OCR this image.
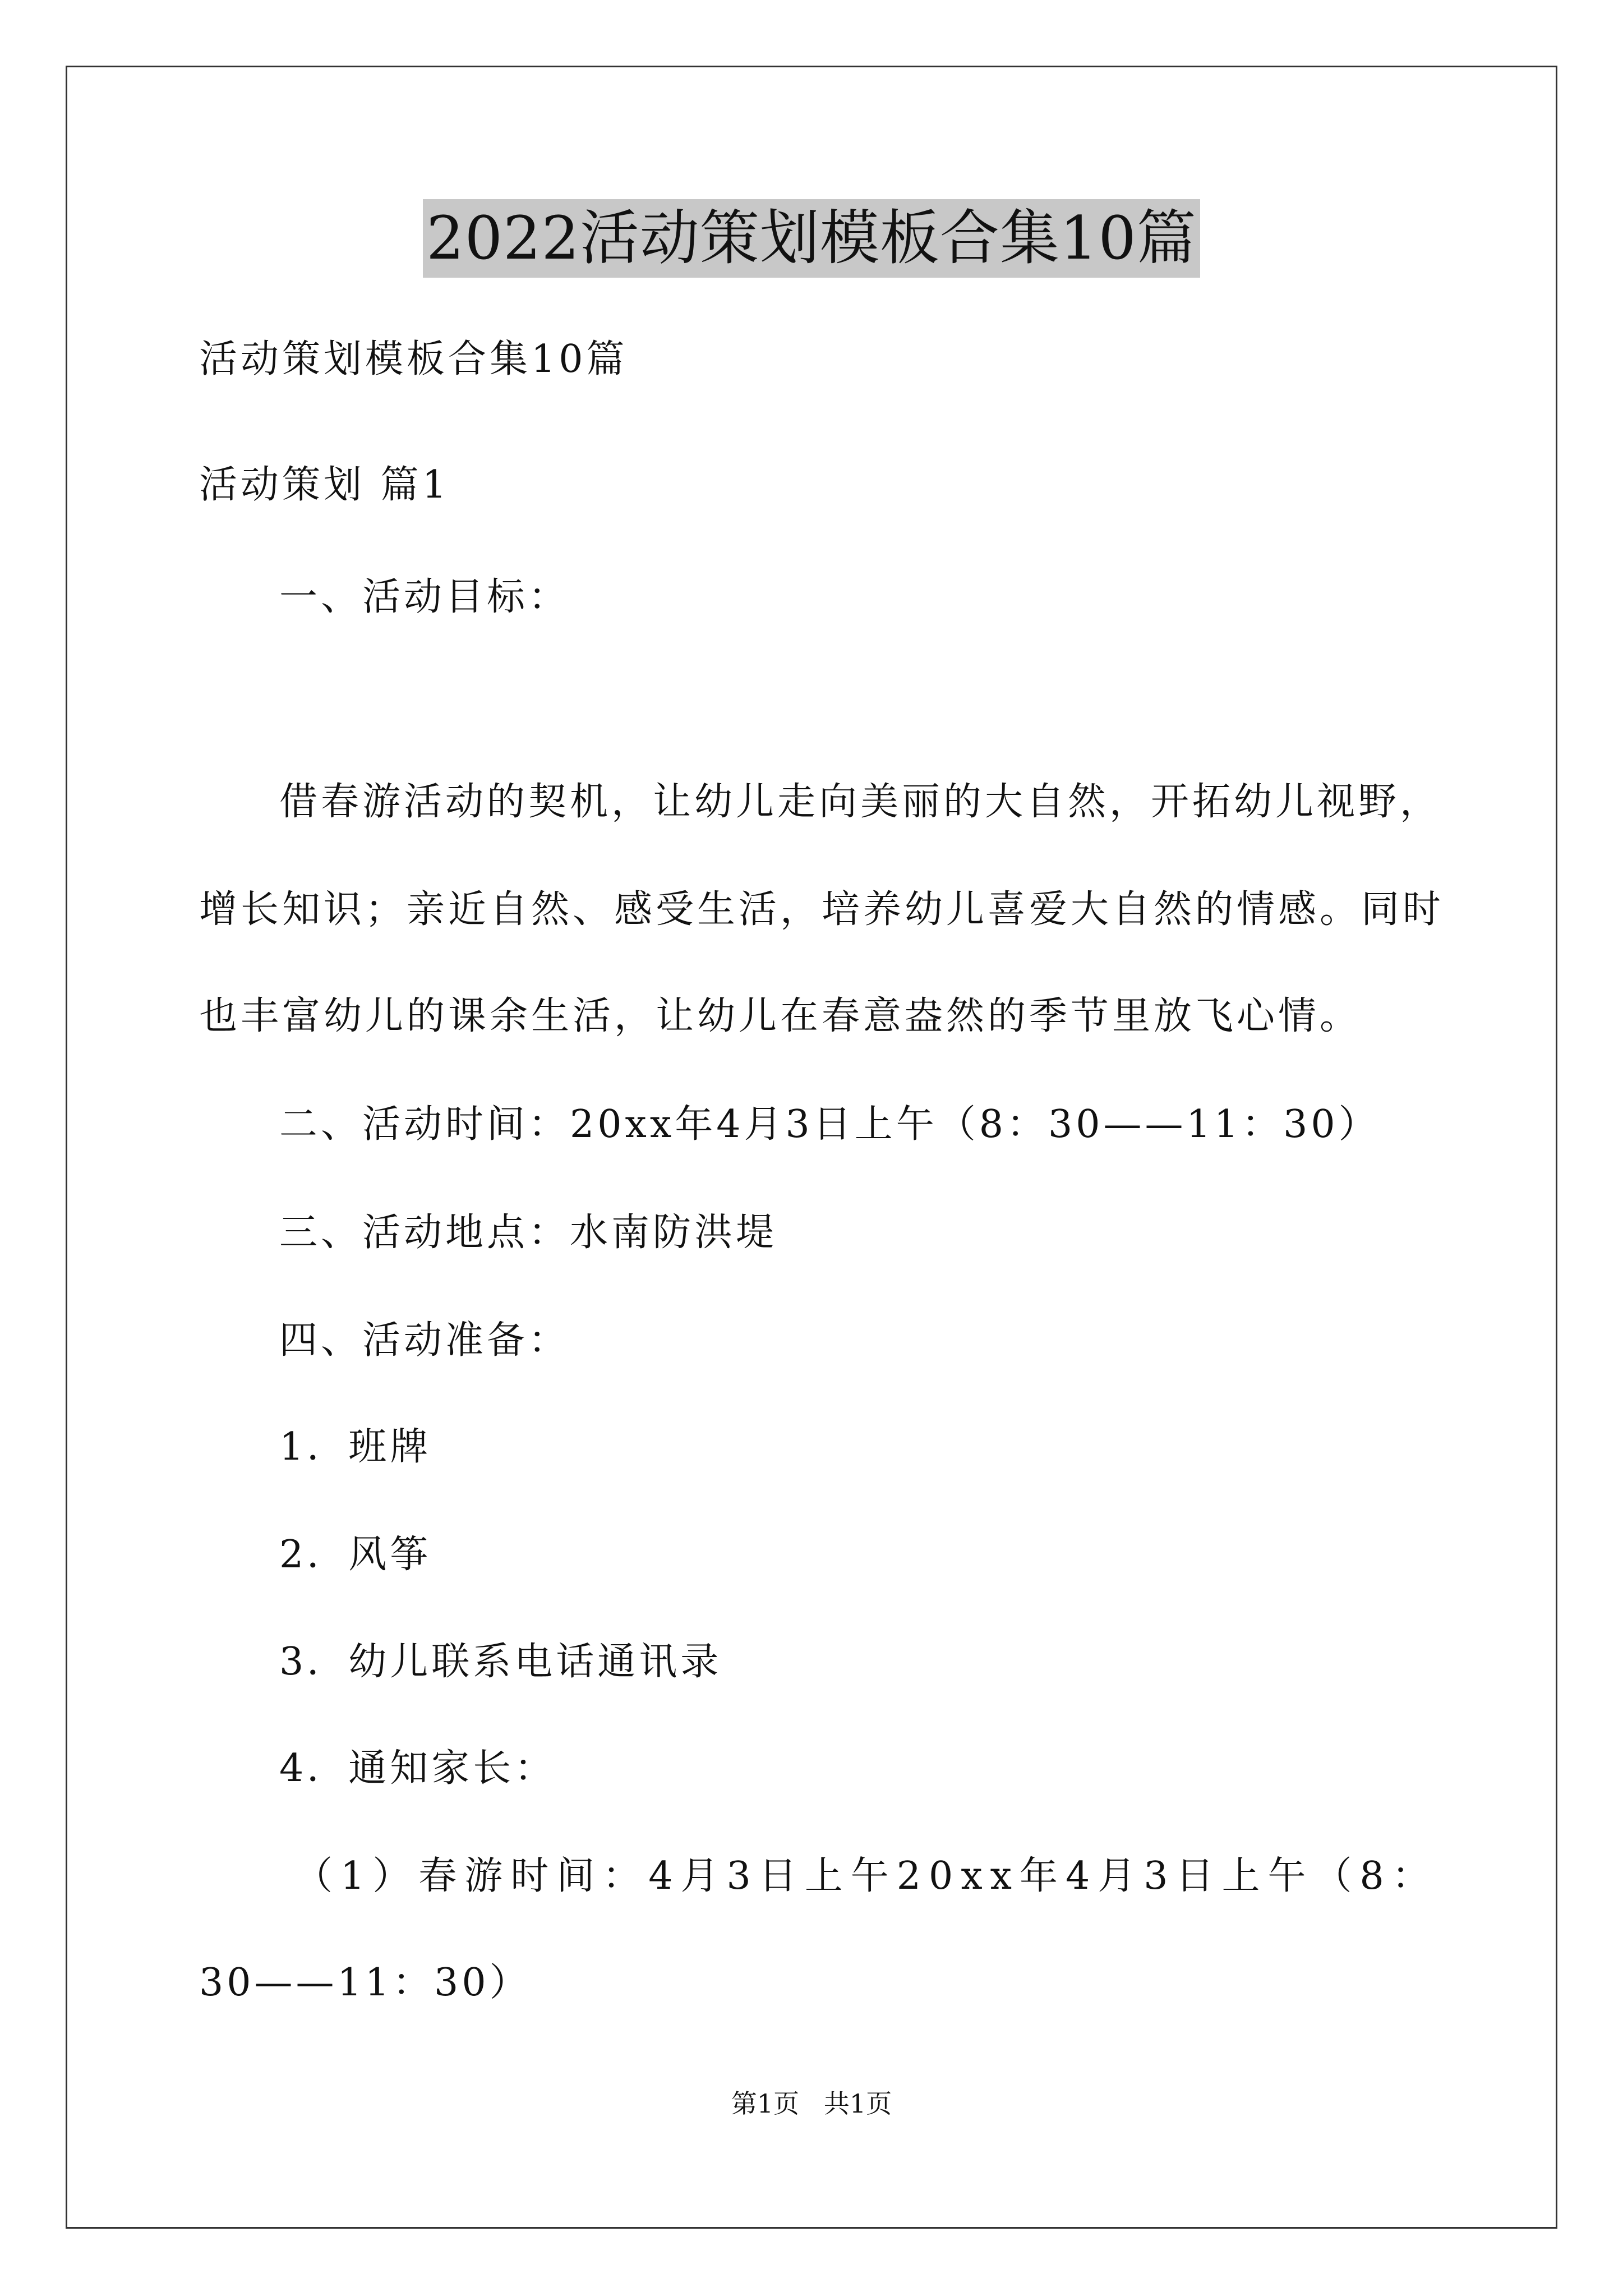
2022活动策划模板合集10篇
活动策划模板合集10篇
活动策划 篇1
一、活动目标：
借春游活动的契机，让幼儿走向美丽的大自然，开拓幼儿视野，
增长知识；亲近自然、感受生活，培养幼儿喜爱大自然的情感。同时
也丰富幼儿的课余生活，让幼儿在春意盎然的季节里放飞心情。
二、活动时间：20xx年4月3日上午（8：30——11：30）
三、活动地点：水南防洪堤
四、活动准备：
1．班牌
2．风筝
3．幼儿联系电话通讯录
4．通知家长：
（1）春游时间：4月3日上午20xx年4月3日上午（8：
30——11：30）
第1页   共1页
